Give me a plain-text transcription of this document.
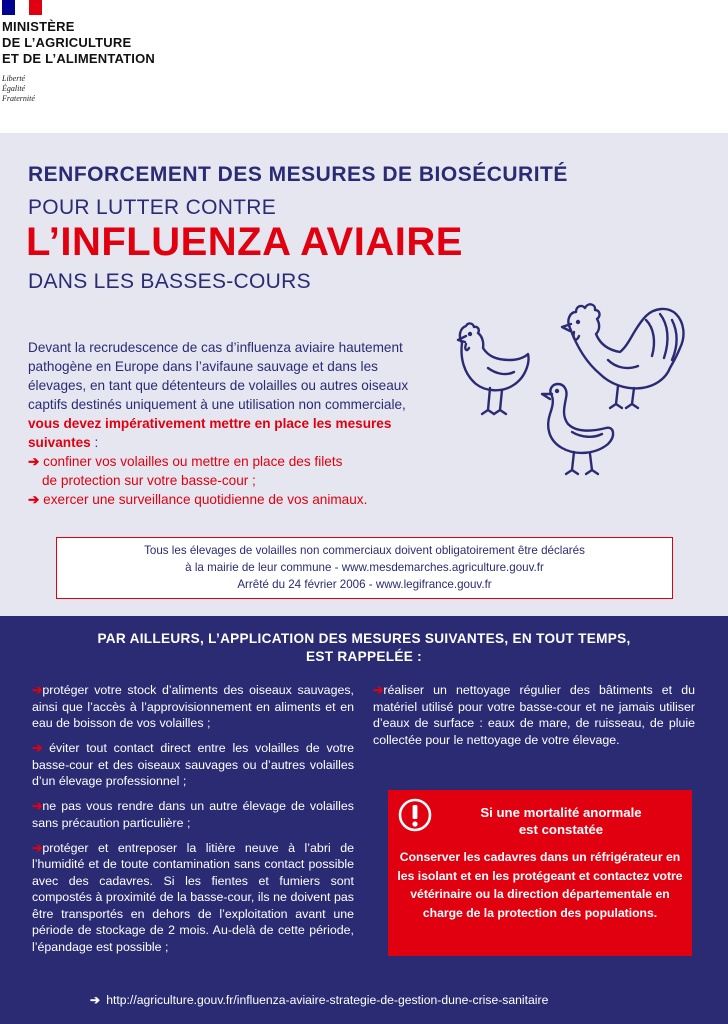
MINISTÈRE
DE L’AGRICULTURE
ET DE L’ALIMENTATION
Liberté
Égalité
Fraternité
RENFORCEMENT DES MESURES DE BIOSÉCURITÉ
POUR LUTTER CONTRE
L’INFLUENZA AVIAIRE
DANS LES BASSES-COURS
Devant la recrudescence de cas d’influenza aviaire hautement pathogène en Europe dans l’avifaune sauvage et dans les élevages, en tant que détenteurs de volailles ou autres oiseaux captifs destinés uniquement à une utilisation non commerciale, vous devez impérativement mettre en place les mesures suivantes :
➔ confiner vos volailles ou mettre en place des filets

de protection sur votre basse-cour ;
➔ exercer une surveillance quotidienne de vos animaux.
Tous les élevages de volailles non commerciaux doivent obligatoirement être déclarés
à la mairie de leur commune - www.mesdemarches.agriculture.gouv.fr
Arrêté du 24 février 2006 - www.legifrance.gouv.fr
PAR AILLEURS, L’APPLICATION DES MESURES SUIVANTES, EN TOUT TEMPS,
EST RAPPELÉE :
➔protéger votre stock d’aliments des oiseaux sauvages, ainsi que l’accès à l’approvisionnement en aliments et en eau de boisson de vos volailles ;
➔ éviter tout contact direct entre les volailles de votre basse-cour et des oiseaux sauvages ou d’autres volailles d’un élevage professionnel ;
➔ne pas vous rendre dans un autre élevage de volailles sans précaution particulière ;
➔protéger et entreposer la litière neuve à l’abri de l’humidité et de toute contamination sans contact possible avec des cadavres. Si les fientes et fumiers sont compostés à proximité de la basse-cour, ils ne doivent pas être transportés en dehors de l’exploitation avant une période de stockage de 2 mois. Au-delà de cette période, l’épandage est possible ;
➔réaliser un nettoyage régulier des bâtiments et du matériel utilisé pour votre basse-cour et ne jamais utiliser d’eaux de surface : eaux de mare, de ruisseau, de pluie collectée pour le nettoyage de votre élevage.
Si une mortalité anormale
est constatée
Conserver les cadavres dans un réfrigérateur en les isolant et en les protégeant et contactez votre vétérinaire ou la direction départementale en charge de la protection des populations.
➔ http://agriculture.gouv.fr/influenza-aviaire-strategie-de-gestion-dune-crise-sanitaire
